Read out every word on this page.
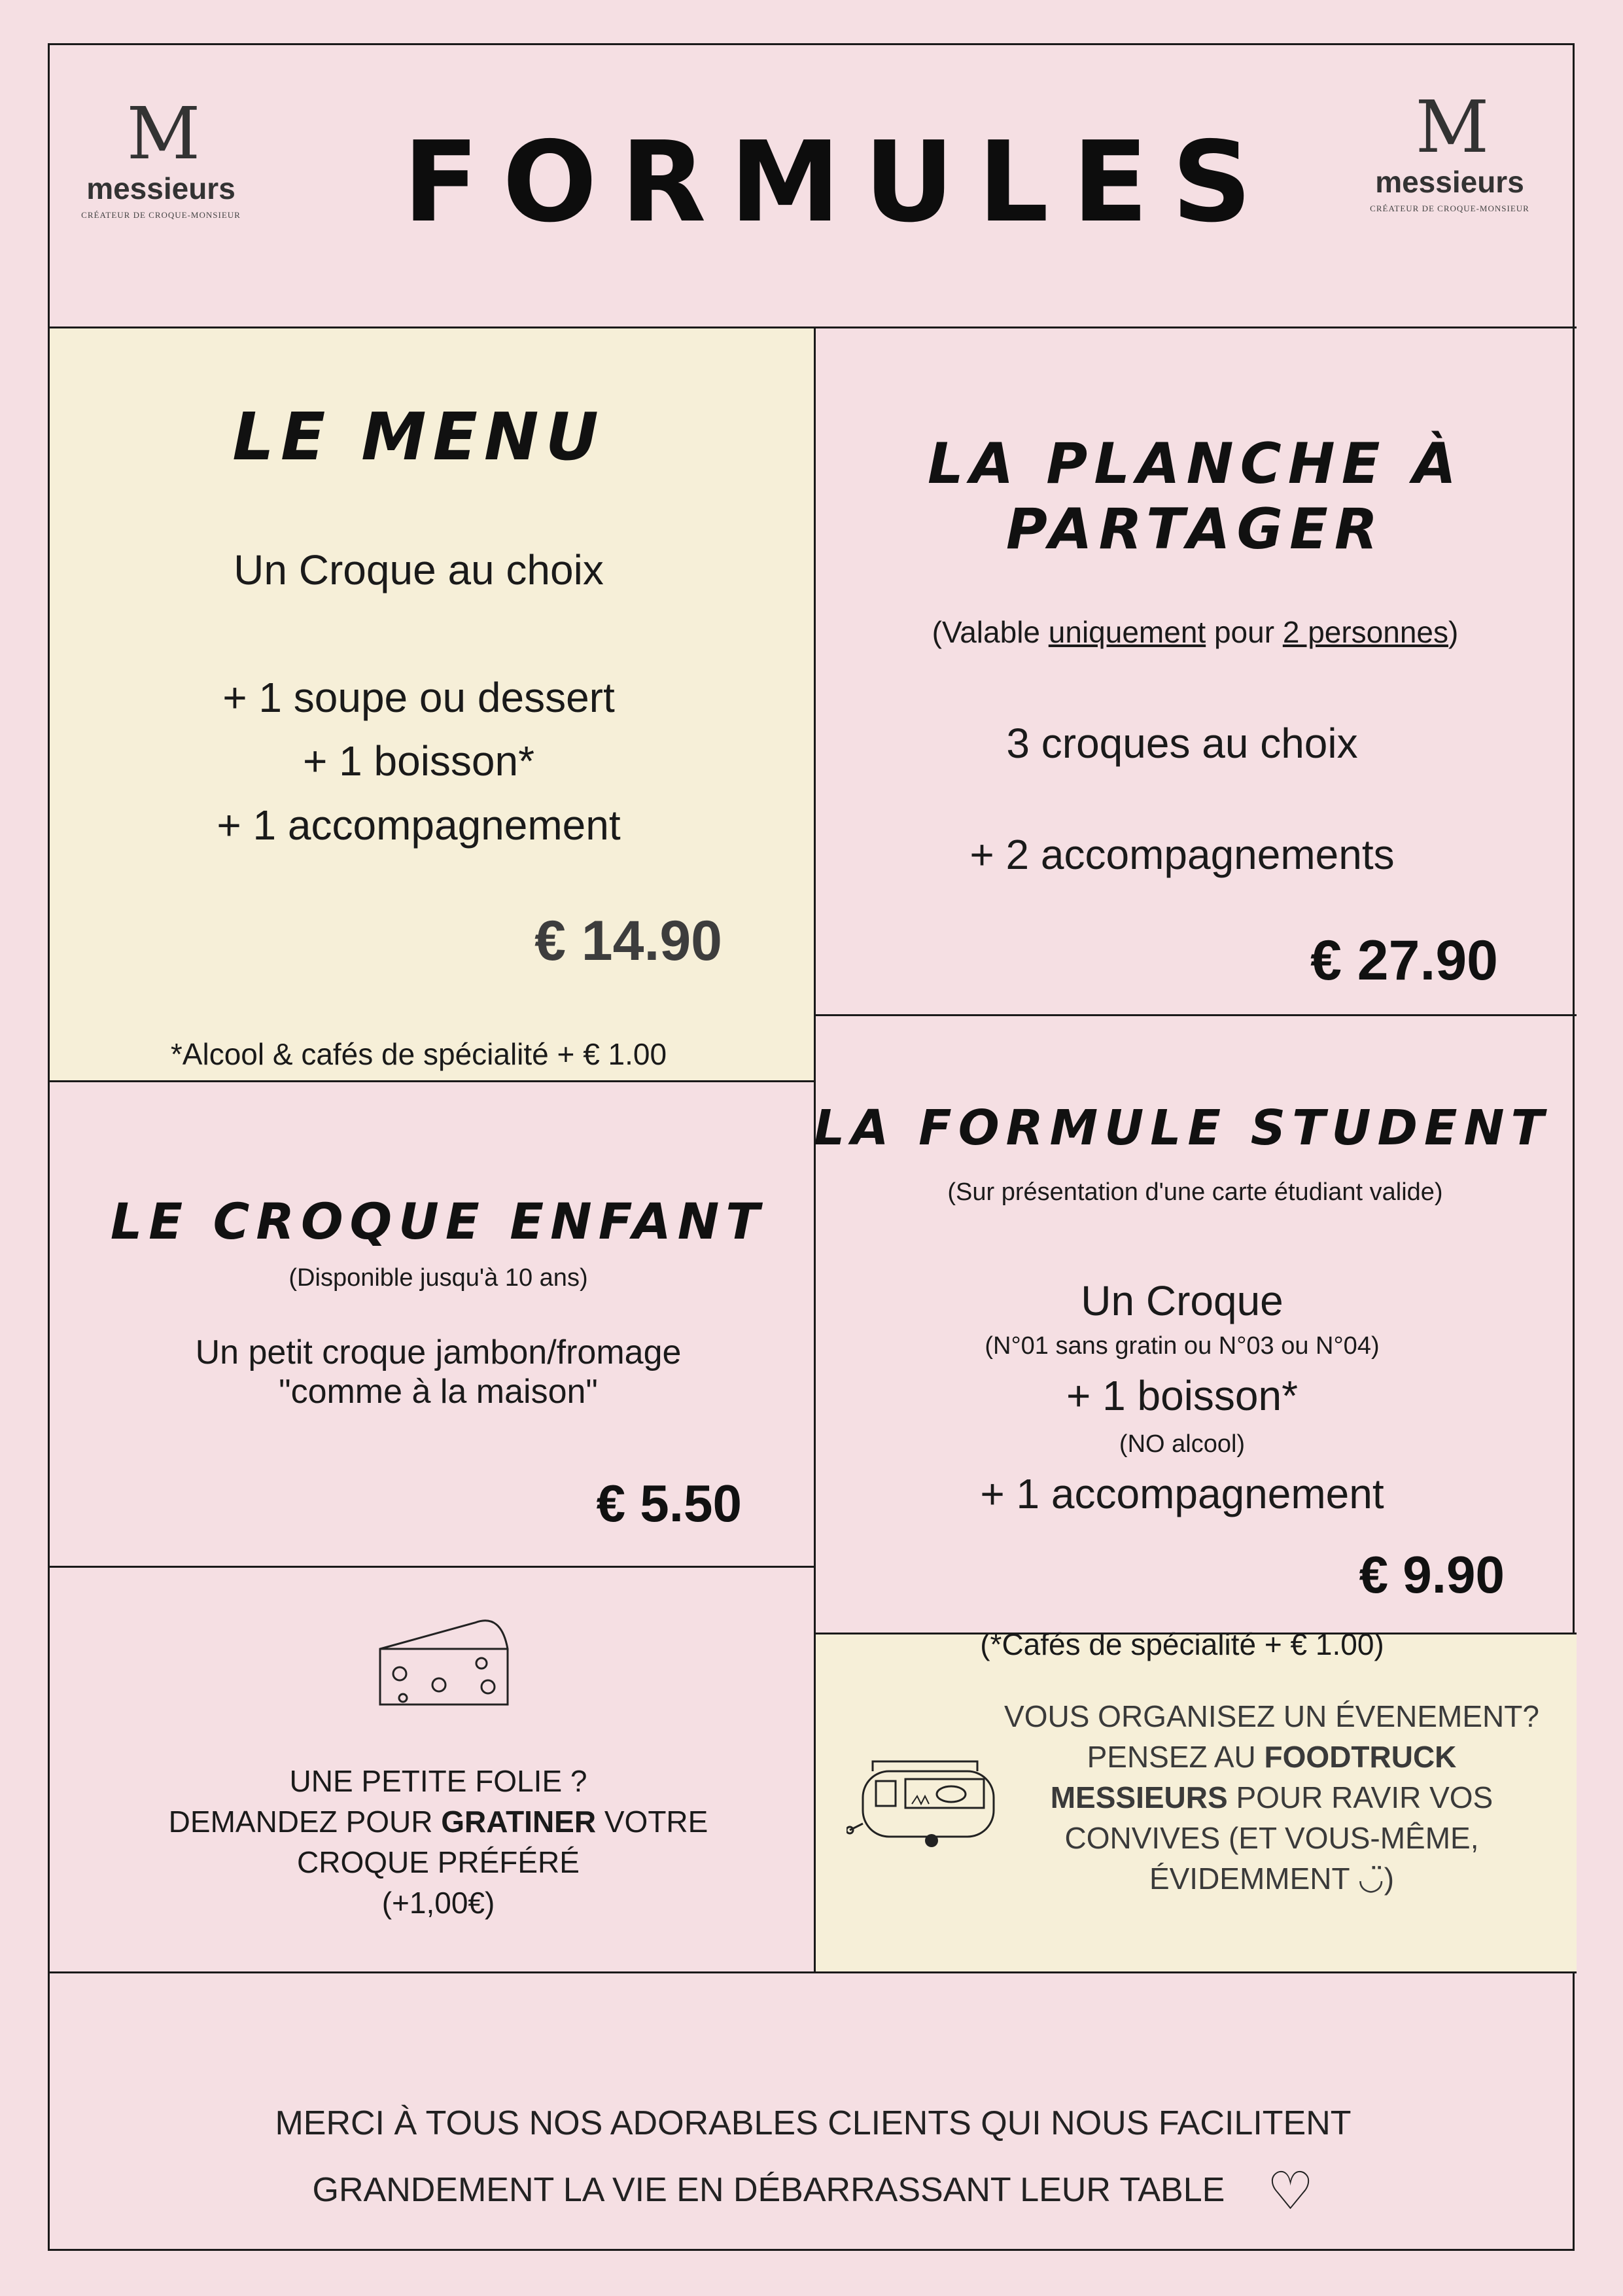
M
messieurs
CRÉATEUR DE CROQUE-MONSIEUR FORMULES	M
messieurs
CRÉATEUR DE CROQUE-MONSIEUR
LE MENU
Un Croque au choix
+ 1 soupe ou dessert
+ 1 boisson*
+ 1 accompagnement
€ 14.90
*Alcool & cafés de spécialité + € 1.00
LA PLANCHE À PARTAGER
(Valable uniquement pour 2 personnes)
3 croques au choix
+ 2 accompagnements
€ 27.90
LE CROQUE ENFANT
(Disponible jusqu'à 10 ans)
Un petit croque jambon/fromage
"comme à la maison"
€ 5.50
LA FORMULE STUDENT
(Sur présentation d'une carte étudiant valide)
Un Croque
(N°01 sans gratin ou N°03 ou N°04)
+ 1 boisson*
(NO alcool)
+ 1 accompagnement
€ 9.90
(*Cafés de spécialité + € 1.00)
UNE PETITE FOLIE ?
DEMANDEZ POUR GRATINER VOTRE
CROQUE PRÉFÉRÉ
(+1,00€)
VOUS ORGANISEZ UN ÉVENEMENT?
PENSEZ AU FOODTRUCK
MESSIEURS POUR RAVIR VOS
CONVIVES (ET VOUS-MÊME,
ÉVIDEMMENT ◡̈)
MERCI À TOUS NOS ADORABLES CLIENTS QUI NOUS FACILITENT
GRANDEMENT LA VIE EN DÉBARRASSANT LEUR TABLE ♡
